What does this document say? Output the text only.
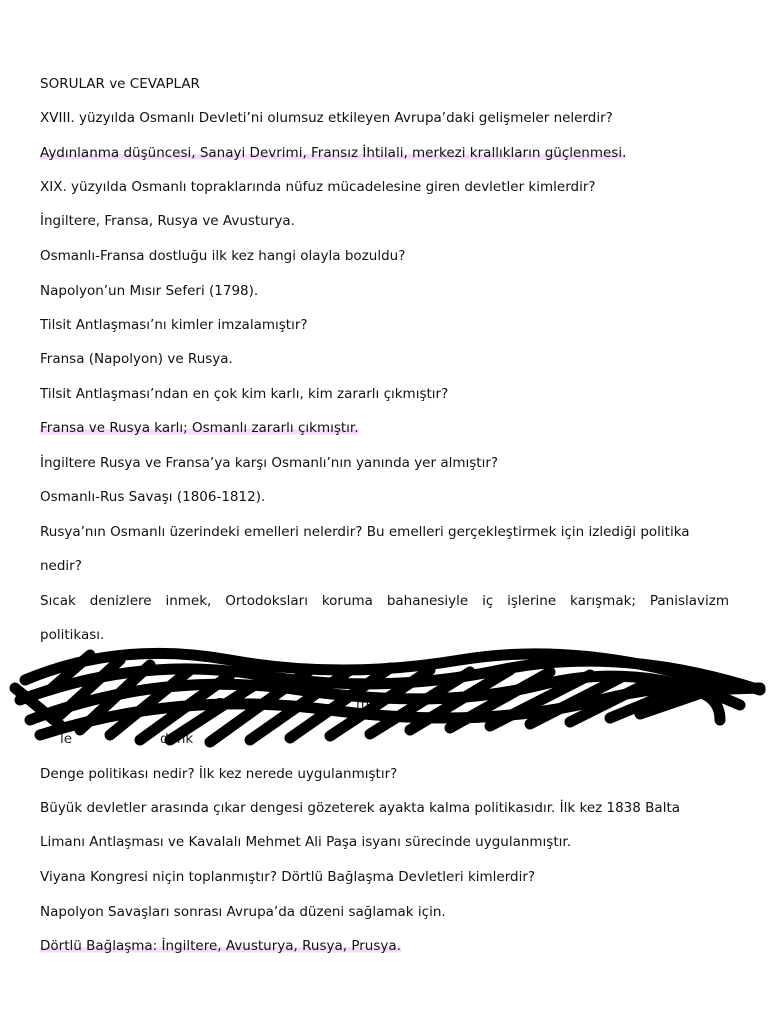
SORULAR ve CEVAPLAR
XVIII. yüzyılda Osmanlı Devleti’ni olumsuz etkileyen Avrupa’daki gelişmeler nelerdir?
Aydınlanma düşüncesi, Sanayi Devrimi, Fransız İhtilali, merkezi krallıkların güçlenmesi.
XIX. yüzyılda Osmanlı topraklarında nüfuz mücadelesine giren devletler kimlerdir?
İngiltere, Fransa, Rusya ve Avusturya.
Osmanlı-Fransa dostluğu ilk kez hangi olayla bozuldu?
Napolyon’un Mısır Seferi (1798).
Tilsit Antlaşması’nı kimler imzalamıştır?
Fransa (Napolyon) ve Rusya.
Tilsit Antlaşması’ndan en çok kim karlı, kim zararlı çıkmıştır?
Fransa ve Rusya karlı; Osmanlı zararlı çıkmıştır.
İngiltere Rusya ve Fransa’ya karşı Osmanlı’nın yanında yer almıştır?
Osmanlı-Rus Savaşı (1806-1812).
Rusya’nın Osmanlı üzerindeki emelleri nelerdir? Bu emelleri gerçekleştirmek için izlediği politika
nedir?
Sıcak denizlere inmek, Ortodoksları koruma bahanesiyle iç işlerine karışmak; Panislavizm
politikası.
Dev	ma
le	denk
Denge politikası nedir? İlk kez nerede uygulanmıştır?
Büyük devletler arasında çıkar dengesi gözeterek ayakta kalma politikasıdır. İlk kez 1838 Balta
Limanı Antlaşması ve Kavalalı Mehmet Ali Paşa isyanı sürecinde uygulanmıştır.
Viyana Kongresi niçin toplanmıştır? Dörtlü Bağlaşma Devletleri kimlerdir?
Napolyon Savaşları sonrası Avrupa’da düzeni sağlamak için.
Dörtlü Bağlaşma: İngiltere, Avusturya, Rusya, Prusya.
